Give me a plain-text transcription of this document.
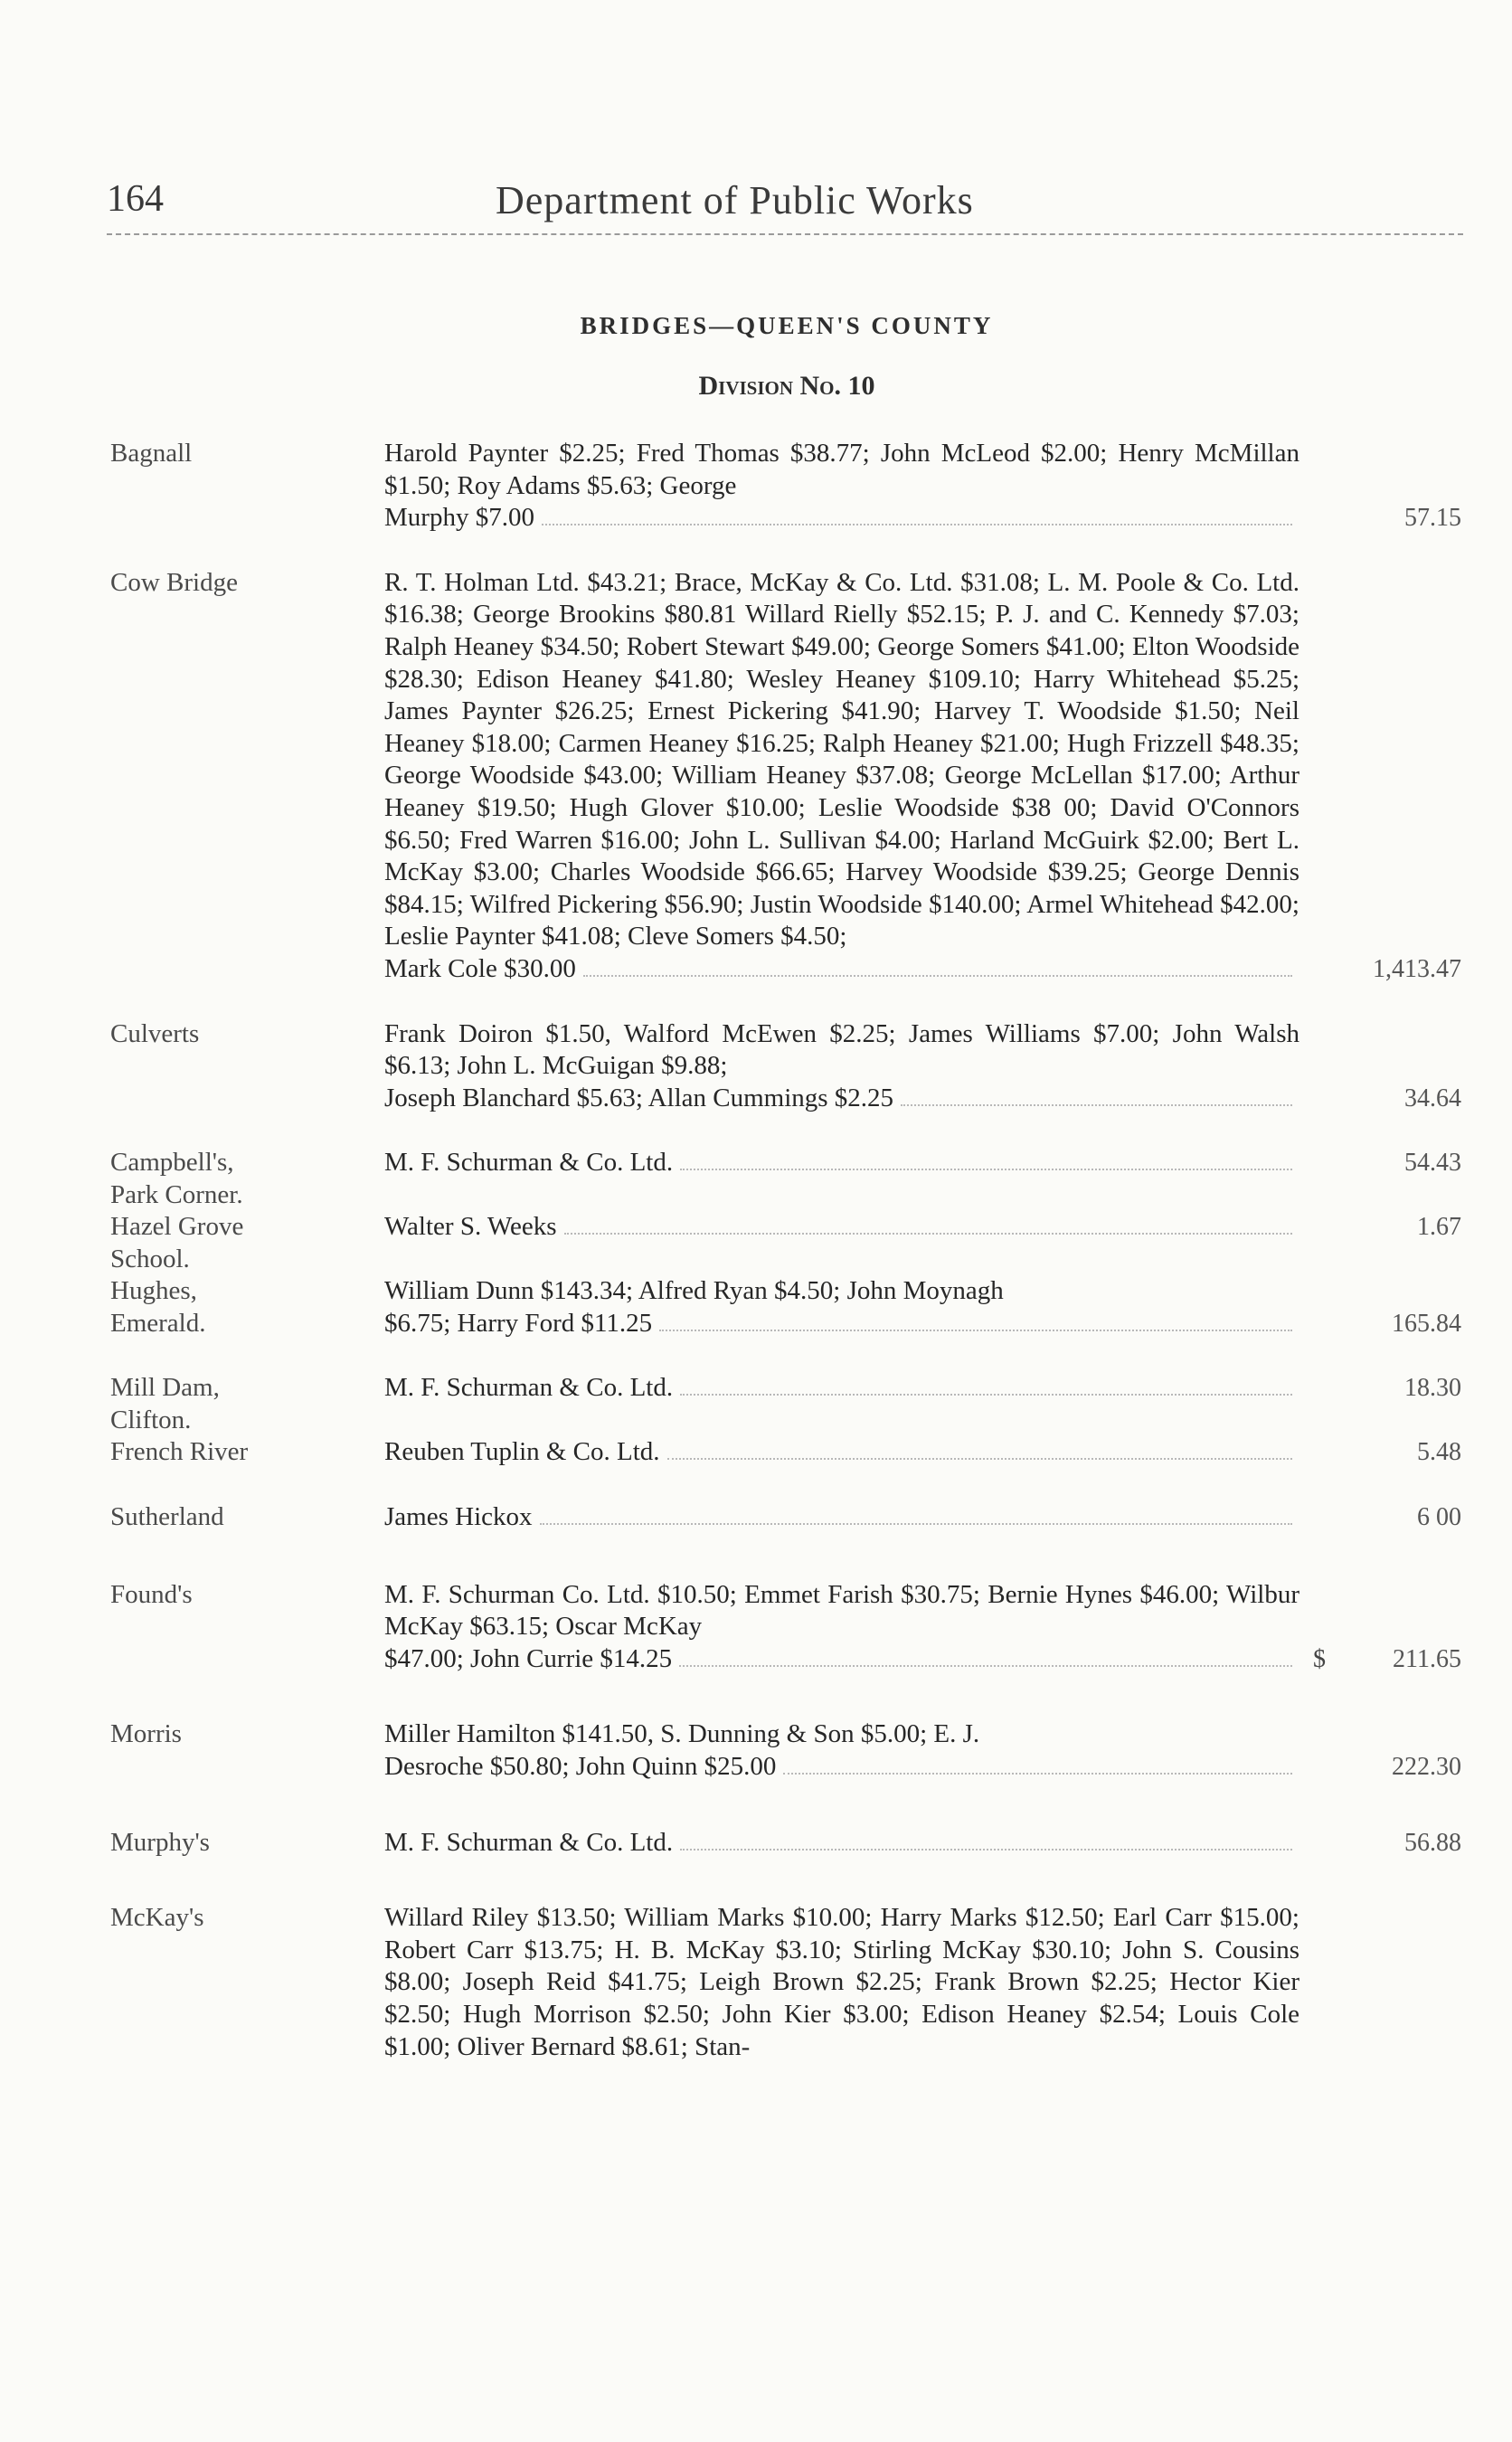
164	Department of Public Works
BRIDGES—QUEEN'S COUNTY
Division No. 10
Bagnall	Harold Paynter $2.25; Fred Thomas $38.77; John McLeod $2.00; Henry McMillan $1.50; Roy Adams $5.63; George
Murphy $7.00	57.15
Cow Bridge	R. T. Holman Ltd. $43.21; Brace, McKay & Co. Ltd. $31.08; L. M. Poole & Co. Ltd. $16.38; George Brookins $80.81 Willard Rielly $52.15; P. J. and C. Kennedy $7.03; Ralph Heaney $34.50; Robert Stewart $49.00; George Somers $41.00; Elton Woodside $28.30; Edison Heaney $41.80; Wesley Heaney $109.10; Harry Whitehead $5.25; James Paynter $26.25; Ernest Pickering $41.90; Harvey T. Woodside $1.50; Neil Heaney $18.00; Carmen Heaney $16.25; Ralph Heaney $21.00; Hugh Frizzell $48.35; George Woodside $43.00; William Heaney $37.08; George McLellan $17.00; Arthur Heaney $19.50; Hugh Glover $10.00; Leslie Woodside $38 00; David O'Connors $6.50; Fred Warren $16.00; John L. Sullivan $4.00; Harland McGuirk $2.00; Bert L. McKay $3.00; Charles Woodside $66.65; Harvey Woodside $39.25; George Dennis $84.15; Wilfred Pickering $56.90; Justin Woodside $140.00; Armel Whitehead $42.00; Leslie Paynter $41.08; Cleve Somers $4.50;
Mark Cole $30.00	1,413.47
Culverts	Frank Doiron $1.50, Walford McEwen $2.25; James Williams $7.00; John Walsh $6.13; John L. McGuigan $9.88;
Joseph Blanchard $5.63; Allan Cummings $2.25	34.64
Campbell's,
Park Corner.
M. F. Schurman & Co. Ltd.	54.43
Hazel Grove
School.
Walter S. Weeks	1.67
Hughes,
Emerald.
William Dunn $143.34; Alfred Ryan $4.50; John Moynagh
$6.75; Harry Ford $11.25	165.84
Mill Dam,
Clifton.
M. F. Schurman & Co. Ltd.	18.30
French River	Reuben Tuplin & Co. Ltd.	5.48
Sutherland	James Hickox	6 00
Found's	M. F. Schurman Co. Ltd. $10.50; Emmet Farish $30.75; Bernie Hynes $46.00; Wilbur McKay $63.15; Oscar McKay
$47.00; John Currie $14.25	$	211.65
Morris	Miller Hamilton $141.50, S. Dunning & Son $5.00; E. J.
Desroche $50.80; John Quinn $25.00	222.30
Murphy's	M. F. Schurman & Co. Ltd.	56.88
McKay's	Willard Riley $13.50; William Marks $10.00; Harry Marks $12.50; Earl Carr $15.00; Robert Carr $13.75; H. B. McKay $3.10; Stirling McKay $30.10; John S. Cousins $8.00; Joseph Reid $41.75; Leigh Brown $2.25; Frank Brown $2.25; Hector Kier $2.50; Hugh Morrison $2.50; John Kier $3.00; Edison Heaney $2.54; Louis Cole $1.00; Oliver Bernard $8.61; Stan-
